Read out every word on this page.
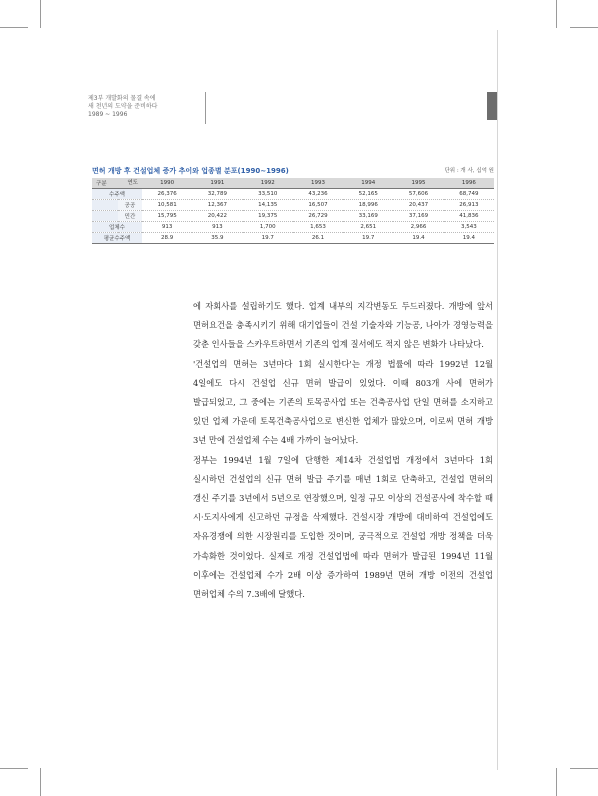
제3부 개발화의 물결 속에
새 천년의 도약을 준비하다
1989 ~ 1996
면허 개방 후 건설업체 증가 추이와 업종별 분포(1990~1996)	단위 : 개 사, 십억 원
구분 연도		1990	1991	1992	1993	1994	1995	1996
수주액		26,376	32,789	33,510	43,236	52,165	57,606	68,749
	공공	10,581	12,367	14,135	16,507	18,996	20,437	26,913
	민간	15,795	20,422	19,375	26,729	33,169	37,169	41,836
업체수		913	913	1,700	1,653	2,651	2,966	3,543
평균수주액		28.9	35.9	19.7	26.1	19.7	19.4	19.4

에 자회사를 설립하기도 했다. 업계 내부의 지각변동도 두드러졌다. 개방에 앞서 면허요건을 충족시키기 위해 대기업들이 건설 기술자와 기능공, 나아가 경영능력을 갖춘 인사들을 스카우트하면서 기존의 업계 질서에도 적지 않은 변화가 나타났다.

'건설업의 면허는 3년마다 1회 실시한다'는 개정 법률에 따라 1992년 12월 4일에도 다시 건설업 신규 면허 발급이 있었다. 이때 803개 사에 면허가 발급되었고, 그 중에는 기존의 토목공사업 또는 건축공사업 단일 면허를 소지하고 있던 업체 가운데 토목건축공사업으로 변신한 업체가 많았으며, 이로써 면허 개방 3년 만에 건설업체 수는 4배 가까이 늘어났다.

정부는 1994년 1월 7일에 단행한 제14차 건설업법 개정에서 3년마다 1회 실시하던 건설업의 신규 면허 발급 주기를 매년 1회로 단축하고, 건설업 면허의 갱신 주기를 3년에서 5년으로 연장했으며, 일정 규모 이상의 건설공사에 착수할 때 시·도지사에게 신고하던 규정을 삭제했다. 건설시장 개방에 대비하여 건설업에도 자유경쟁에 의한 시장원리를 도입한 것이며, 궁극적으로 건설업 개방 정책을 더욱 가속화한 것이었다. 실제로 개정 건설업법에 따라 면허가 발급된 1994년 11월 이후에는 건설업체 수가 2배 이상 증가하여 1989년 면허 개방 이전의 건설업 면허업체 수의 7.3배에 달했다.
